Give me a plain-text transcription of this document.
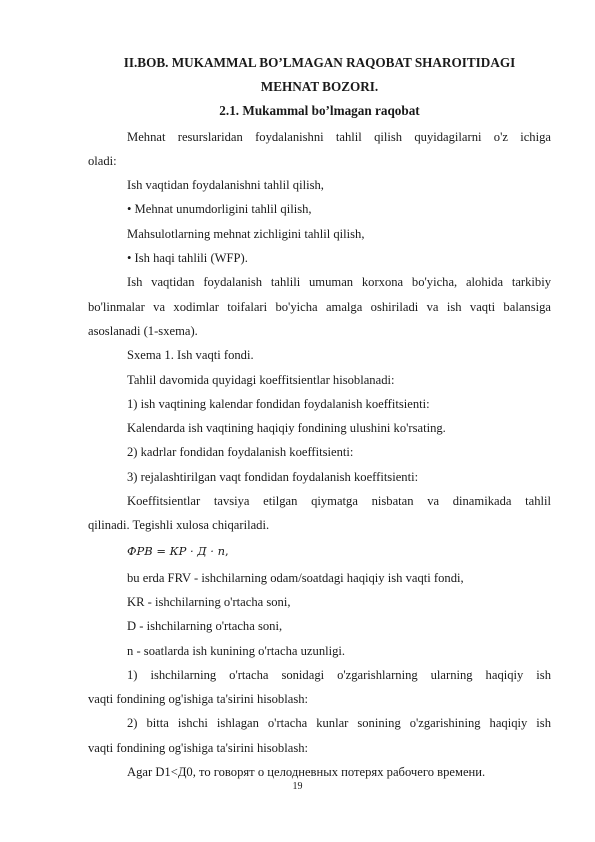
II.BOB. MUKAMMAL BO’LMAGAN RAQOBAT SHAROITIDAGI

MEHNAT BOZORI.

2.1. Mukammal bo’lmagan raqobat

Mehnat resurslaridan foydalanishni tahlil qilish quyidagilarni o'z ichiga

oladi:

Ish vaqtidan foydalanishni tahlil qilish,

• Mehnat unumdorligini tahlil qilish,

Mahsulotlarning mehnat zichligini tahlil qilish,

• Ish haqi tahlili (WFP).

Ish vaqtidan foydalanish tahlili umuman korxona bo'yicha, alohida tarkibiy

bo'linmalar va xodimlar toifalari bo'yicha amalga oshiriladi va ish vaqti balansiga

asoslanadi (1-sxema).

Sxema 1. Ish vaqti fondi.

Tahlil davomida quyidagi koeffitsientlar hisoblanadi:

1) ish vaqtining kalendar fondidan foydalanish koeffitsienti:

Kalendarda ish vaqtining haqiqiy fondining ulushini ko'rsating.

2) kadrlar fondidan foydalanish koeffitsienti:

3) rejalashtirilgan vaqt fondidan foydalanish koeffitsienti:

Koeffitsientlar tavsiya etilgan qiymatga nisbatan va dinamikada tahlil

qilinadi. Tegishli xulosa chiqariladi.

ФРВ = КР · Д · n,

bu erda FRV - ishchilarning odam/soatdagi haqiqiy ish vaqti fondi,

KR - ishchilarning o'rtacha soni,

D - ishchilarning o'rtacha soni,

n - soatlarda ish kunining o'rtacha uzunligi.

1) ishchilarning o'rtacha sonidagi o'zgarishlarning ularning haqiqiy ish

vaqti fondining og'ishiga ta'sirini hisoblash:

2) bitta ishchi ishlagan o'rtacha kunlar sonining o'zgarishining haqiqiy ish

vaqti fondining og'ishiga ta'sirini hisoblash:

Agar D1<Д0, то говорят о целодневных потерях рабочего времени.

19
